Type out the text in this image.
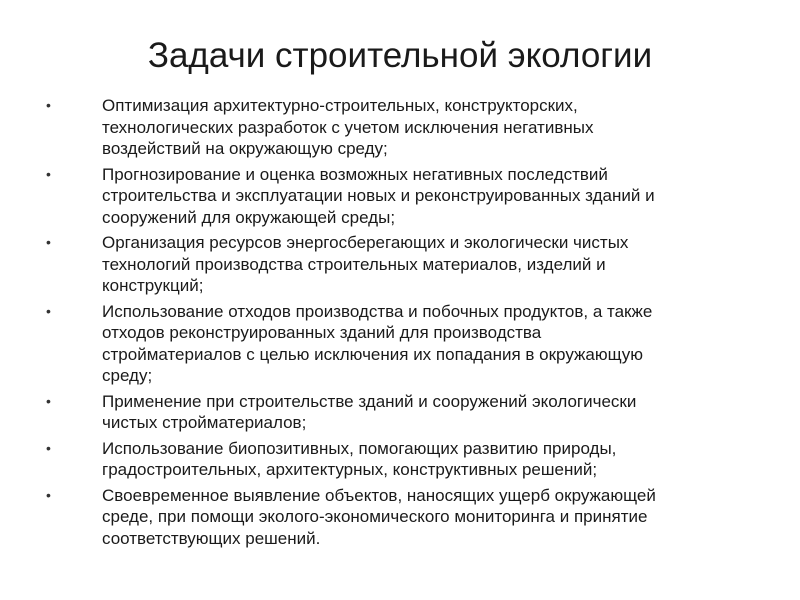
Задачи строительной экологии
•	Оптимизация архитектурно-строительных, конструкторских,
технологических разработок с учетом исключения негативных
воздействий на окружающую среду;
•	Прогнозирование и оценка возможных негативных последствий
строительства и эксплуатации новых и реконструированных зданий и
сооружений для окружающей среды;
•	Организация ресурсов энергосберегающих и экологически чистых
технологий производства строительных материалов, изделий и
конструкций;
•	Использование отходов производства и побочных продуктов, а также
отходов реконструированных зданий для производства
стройматериалов с целью исключения их попадания в окружающую
среду;
•	Применение при строительстве зданий и сооружений экологически
чистых стройматериалов;
•	Использование биопозитивных, помогающих развитию природы,
градостроительных, архитектурных, конструктивных решений;
•	Своевременное выявление объектов, наносящих ущерб окружающей
среде, при помощи эколого-экономического мониторинга и принятие
соответствующих решений.
